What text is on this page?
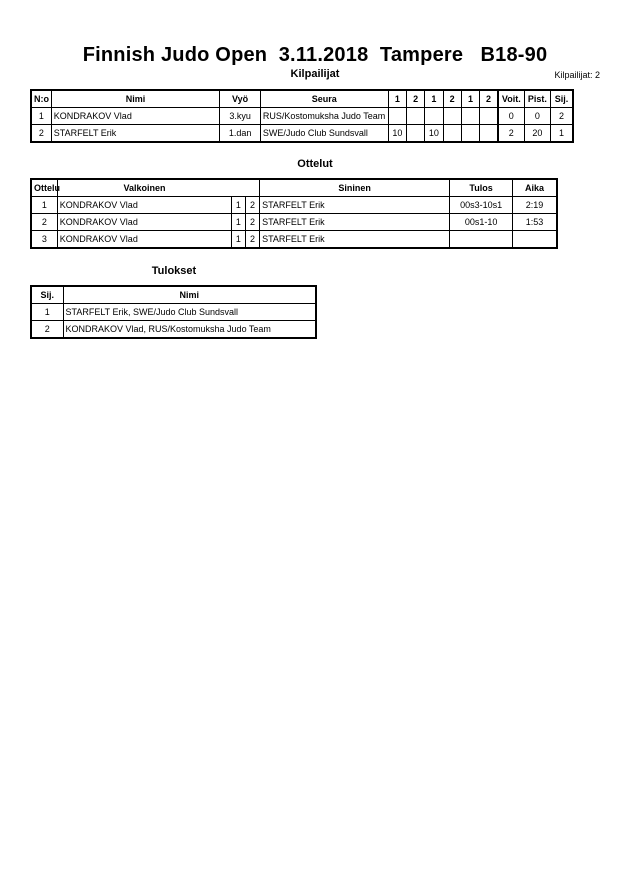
Finnish Judo Open  3.11.2018  Tampere   B18-90
Kilpailijat	Kilpailijat: 2
N:o	Nimi	Vyö	Seura	1	2	1	2	1	2	Voit.	Pist.	Sij.
1	KONDRAKOV Vlad	3.kyu	RUS/Kostomuksha Judo Team							0	0	2
2	STARFELT Erik	1.dan	SWE/Judo Club Sundsvall	10		10				2	20	1
Ottelut
Ottelu	Valkoinen			Sininen	Tulos	Aika
1	KONDRAKOV Vlad	1	2	STARFELT Erik	00s3-10s1	2:19
2	KONDRAKOV Vlad	1	2	STARFELT Erik	00s1-10	1:53
3	KONDRAKOV Vlad	1	2	STARFELT Erik		
Tulokset
Sij.	Nimi
1	STARFELT Erik, SWE/Judo Club Sundsvall
2	KONDRAKOV Vlad, RUS/Kostomuksha Judo Team
